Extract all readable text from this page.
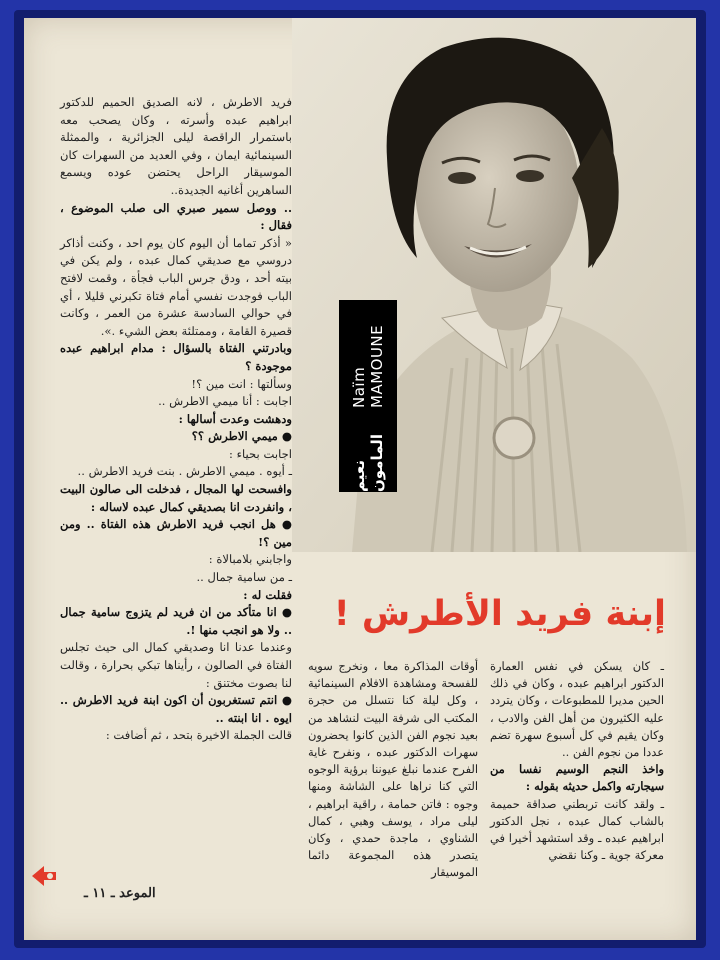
نعيم المامون
Naïm MAMOUNE

فريد الاطرش ، لانه الصديق الحميم للدكتور ابراهيم عبده وأسرته ، وكان يصحب معه باستمرار الراقصة ليلى الجزائرية ، والممثلة السينمائية ايمان ، وفي العديد من السهرات كان الموسيقار الراحل يحتضن عوده ويسمع الساهرين أغانيه الجديدة..

.. ووصل سمير صبري الى صلب الموضوع ، فقال :

« أذكر تماما أن اليوم كان يوم احد ، وكنت أذاكر دروسي مع صديقي كمال عبده ، ولم يكن في بيته أحد ، ودق جرس الباب فجأة ، وقمت لافتح الباب فوجدت نفسي أمام فتاة تكبرني قليلا ، أي في حوالي السادسة عشرة من العمر ، وكانت قصيرة القامة ، وممتلئة بعض الشيء .».

وبادرتني الفتاة بالسؤال : مدام ابراهيم عبده موجودة ؟

وسألتها : انت مين ؟!

اجابت : أنا ميمي الاطرش ..

ودهشت وعدت أسالها :

● ميمي الاطرش ؟؟

اجابت بحياء :

ـ أيوه . ميمي الاطرش . بنت فريد الاطرش ..

وافسحت لها المجال ، فدخلت الى صالون البيت ، وانفردت انا بصديقي كمال عبده لاساله :

● هل انجب فريد الاطرش هذه الفتاة .. ومن مين ؟!

واجابني بلامبالاة :

ـ من سامية جمال ..

فقلت له :

● انا متأكد من ان فريد لم يتزوج سامية جمال .. ولا هو انجب منها !.

وعندما عدنا انا وصديقي كمال الى حيث تجلس الفتاة في الصالون ، رأيناها تبكي بحرارة ، وقالت لنا بصوت مختنق :

● انتم تستغربون أن اكون ابنة فريد الاطرش .. ايوه . انا ابنته ..

قالت الجملة الاخيرة بتحد ، ثم أضافت :

إبنة فريد الأطرش !

ـ كان يسكن في نفس العمارة الدكتور ابراهيم عبده ، وكان في ذلك الحين مديرا للمطبوعات ، وكان يتردد عليه الكثيرون من أهل الفن والادب ، وكان يقيم في كل أسبوع سهرة تضم عددا من نجوم الفن ..

واخذ النجم الوسيم نفسا من سيجارته واكمل حديثه بقوله :

ـ ولقد كانت تربطني صداقة حميمة بالشاب كمال عبده ، نجل الدكتور ابراهيم عبده ـ وقد استشهد أخيرا في معركة جوية ـ وكنا نقضي

أوقات المذاكرة معا ، ونخرج سويه للفسحة ومشاهدة الافلام السينمائية ، وكل ليلة كنا نتسلل من حجرة المكتب الى شرفة البيت لنشاهد من بعيد نجوم الفن الذين كانوا يحضرون سهرات الدكتور عبده ، ونفرح غاية الفرح عندما نبلغ عيوننا برؤية الوجوه التي كنا نراها على الشاشة ومنها وجوه : فاتن حمامة ، راقية ابراهيم ، ليلى مراد ، يوسف وهبي ، كمال الشناوي ، ماجدة حمدي ، وكان يتصدر هذه المجموعة دائما الموسيقار

الموعد ـ ١١ ـ
